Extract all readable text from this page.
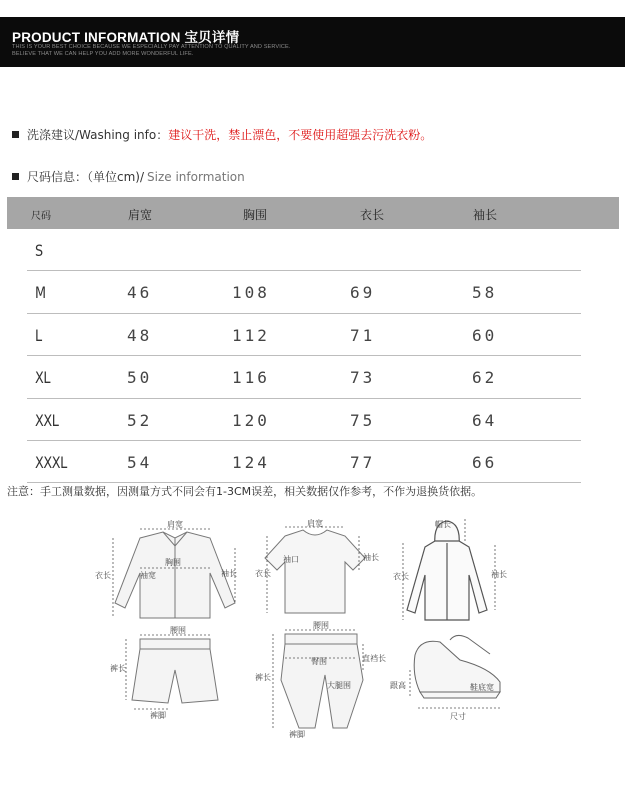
PRODUCT INFORMATION 宝贝详情
THIS IS YOUR BEST CHOICE BECAUSE WE ESPECIALLY PAY ATTENTION TO QUALITY AND SERVICE.
BELIEVE THAT WE CAN HELP YOU ADD MORE WONDERFUL LIFE.
洗涤建议/Washing info： 建议干洗，禁止漂色，不要使用超强去污洗衣粉。
尺码信息：（单位cm)/ Size information
尺码	肩宽	胸围	衣长	袖长
S
M	46	108	69	58
L	48	112	71	60
XL	50	116	73	62
XXL	52	120	75	64
XXXL	54	124	77	66
注意：手工测量数据，因测量方式不同会有1-3CM误差，相关数据仅作参考，不作为退换货依据。
肩宽
胸围
衣长	袖宽	袖长
肩宽
袖口
衣长
袖长
帽长
衣长	袖长
腰围
裤长
裤脚
腰围
臀围	直裆长
裤长
大腿围
裤脚
跟高	鞋底宽
尺寸
